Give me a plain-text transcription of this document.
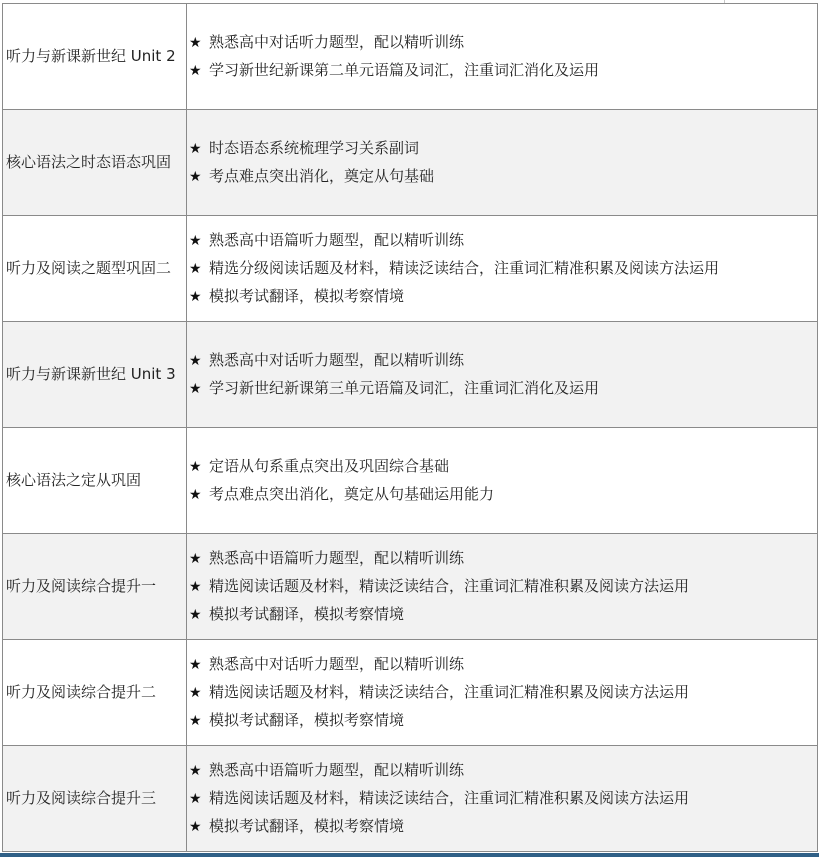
听力与新课新世纪 Unit 2	★ 熟悉高中对话听力题型，配以精听训练
★ 学习新世纪新课第二单元语篇及词汇，注重词汇消化及运用

核心语法之时态语态巩固	★ 时态语态系统梳理学习关系副词
★ 考点难点突出消化，奠定从句基础

听力及阅读之题型巩固二	★ 熟悉高中语篇听力题型，配以精听训练
★ 精选分级阅读话题及材料，精读泛读结合，注重词汇精准积累及阅读方法运用
★ 模拟考试翻译，模拟考察情境

听力与新课新世纪 Unit 3	★ 熟悉高中对话听力题型，配以精听训练
★ 学习新世纪新课第三单元语篇及词汇，注重词汇消化及运用

核心语法之定从巩固	★ 定语从句系重点突出及巩固综合基础
★ 考点难点突出消化，奠定从句基础运用能力

听力及阅读综合提升一	★ 熟悉高中语篇听力题型，配以精听训练
★ 精选阅读话题及材料，精读泛读结合，注重词汇精准积累及阅读方法运用
★ 模拟考试翻译，模拟考察情境

听力及阅读综合提升二	★ 熟悉高中对话听力题型，配以精听训练
★ 精选阅读话题及材料，精读泛读结合，注重词汇精准积累及阅读方法运用
★ 模拟考试翻译，模拟考察情境

听力及阅读综合提升三	★ 熟悉高中语篇听力题型，配以精听训练
★ 精选阅读话题及材料，精读泛读结合，注重词汇精准积累及阅读方法运用
★ 模拟考试翻译，模拟考察情境
